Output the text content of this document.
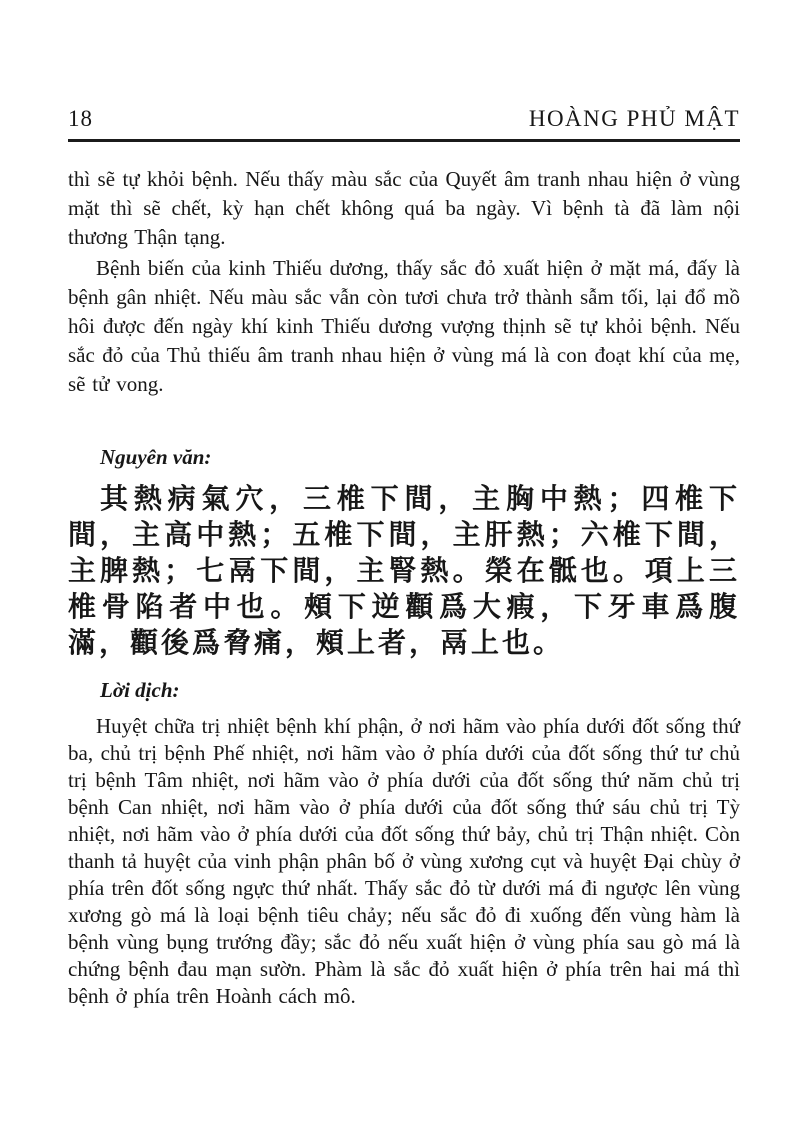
18	HOÀNG PHỦ MẬT

thì sẽ tự khỏi bệnh. Nếu thấy màu sắc của Quyết âm tranh nhau hiện ở vùng mặt thì sẽ chết, kỳ hạn chết không quá ba ngày. Vì bệnh tà đã làm nội thương Thận tạng.

Bệnh biến của kinh Thiếu dương, thấy sắc đỏ xuất hiện ở mặt má, đấy là bệnh gân nhiệt. Nếu màu sắc vẫn còn tươi chưa trở thành sẫm tối, lại đổ mồ hôi được đến ngày khí kinh Thiếu dương vượng thịnh sẽ tự khỏi bệnh. Nếu sắc đỏ của Thủ thiếu âm tranh nhau hiện ở vùng má là con đoạt khí của mẹ, sẽ tử vong.

Nguyên văn:

其熱病氣穴，三椎下間，主胸中熱；四椎下間，主高中熱；五椎下間，主肝熱；六椎下間，主脾熱；七鬲下間，主腎熱。榮在骶也。項上三椎骨陷者中也。頰下逆顴爲大瘕，下牙車爲腹滿，顴後爲脅痛，頰上者，鬲上也。

Lời dịch:

Huyệt chữa trị nhiệt bệnh khí phận, ở nơi hãm vào phía dưới đốt sống thứ ba, chủ trị bệnh Phế nhiệt, nơi hãm vào ở phía dưới của đốt sống thứ tư chủ trị bệnh Tâm nhiệt, nơi hãm vào ở phía dưới của đốt sống thứ năm chủ trị bệnh Can nhiệt, nơi hãm vào ở phía dưới của đốt sống thứ sáu chủ trị Tỳ nhiệt, nơi hãm vào ở phía dưới của đốt sống thứ bảy, chủ trị Thận nhiệt. Còn thanh tả huyệt của vinh phận phân bố ở vùng xương cụt và huyệt Đại chùy ở phía trên đốt sống ngực thứ nhất. Thấy sắc đỏ từ dưới má đi ngược lên vùng xương gò má là loại bệnh tiêu chảy; nếu sắc đỏ đi xuống đến vùng hàm là bệnh vùng bụng trướng đầy; sắc đỏ nếu xuất hiện ở vùng phía sau gò má là chứng bệnh đau mạn sườn. Phàm là sắc đỏ xuất hiện ở phía trên hai má thì bệnh ở phía trên Hoành cách mô.
